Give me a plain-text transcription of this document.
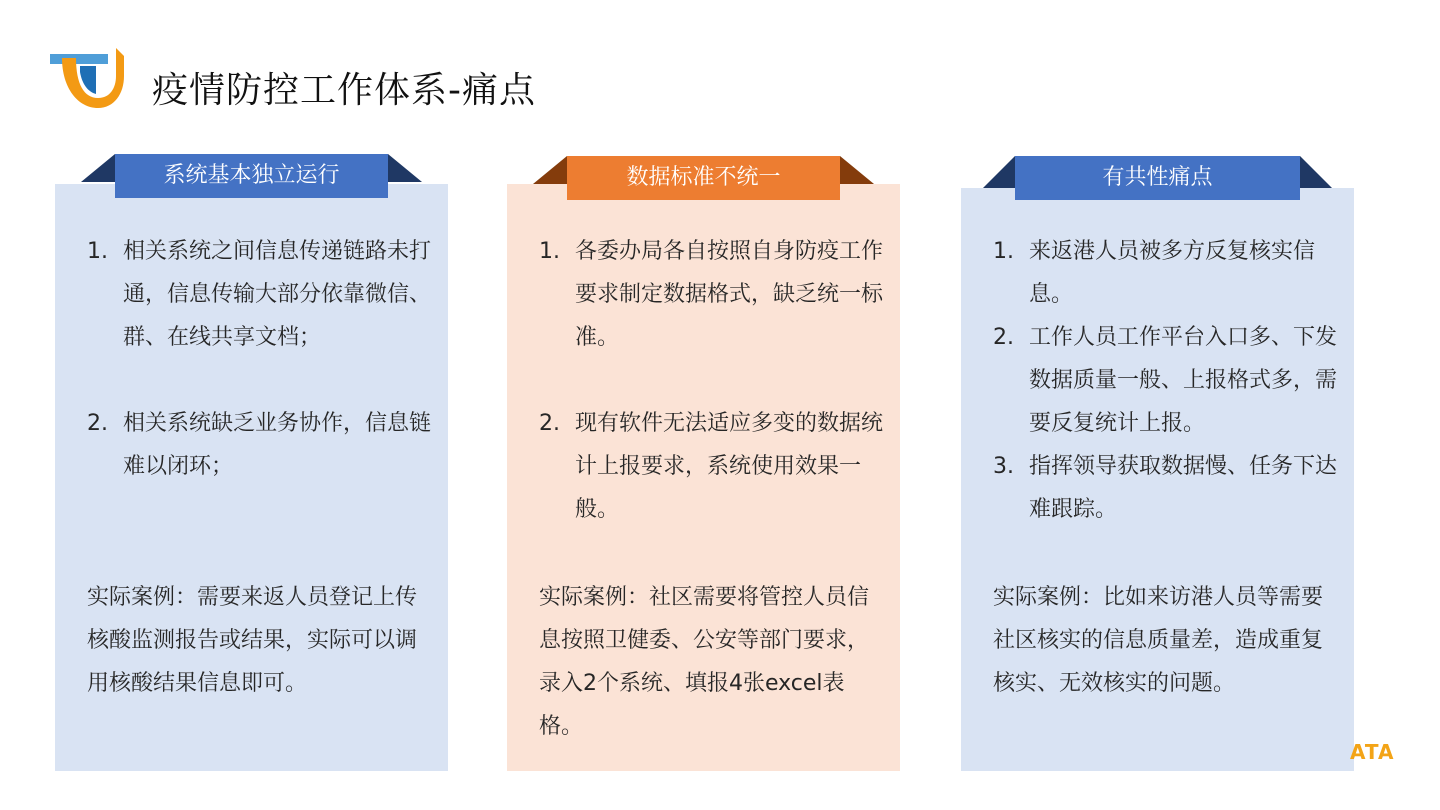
疫情防控工作体系-痛点
系统基本独立运行
1. 相关系统之间信息传递链路未打通，信息传输大部分依靠微信、群、在线共享文档；
2. 相关系统缺乏业务协作，信息链难以闭环；
实际案例：需要来返人员登记上传核酸监测报告或结果，实际可以调用核酸结果信息即可。
数据标准不统一
1. 各委办局各自按照自身防疫工作要求制定数据格式，缺乏统一标准。
2. 现有软件无法适应多变的数据统计上报要求，系统使用效果一般。
实际案例：社区需要将管控人员信息按照卫健委、公安等部门要求，录入2个系统、填报4张excel表格。
有共性痛点
1. 来返港人员被多方反复核实信息。
2. 工作人员工作平台入口多、下发数据质量一般、上报格式多，需要反复统计上报。
3. 指挥领导获取数据慢、任务下达难跟踪。
实际案例：比如来访港人员等需要社区核实的信息质量差，造成重复核实、无效核实的问题。
ATA
